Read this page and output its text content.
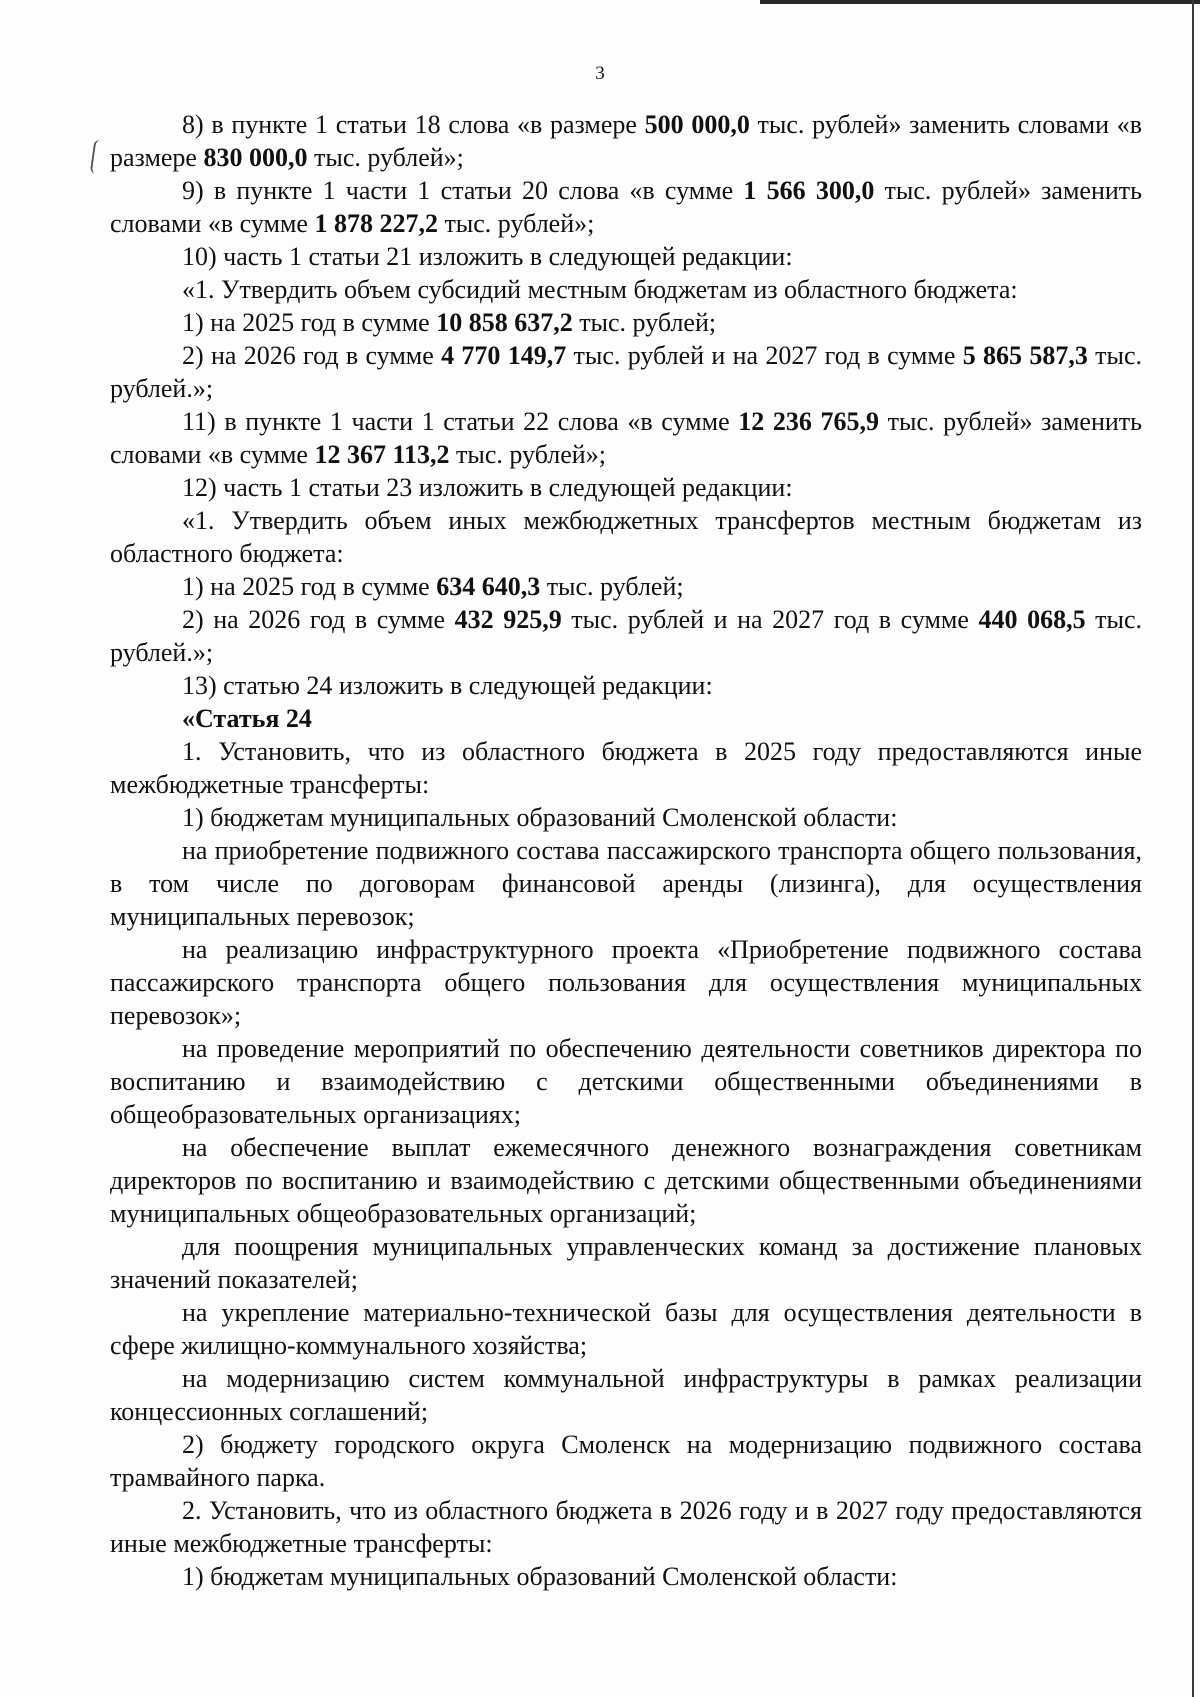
3

8) в пункте 1 статьи 18 слова «в размере 500 000,0 тыс. рублей» заменить словами «в размере 830 000,0 тыс. рублей»;

9) в пункте 1 части 1 статьи 20 слова «в сумме 1 566 300,0 тыс. рублей» заменить словами «в сумме 1 878 227,2 тыс. рублей»;

10) часть 1 статьи 21 изложить в следующей редакции:

«1. Утвердить объем субсидий местным бюджетам из областного бюджета:

1) на 2025 год в сумме 10 858 637,2 тыс. рублей;

2) на 2026 год в сумме 4 770 149,7 тыс. рублей и на 2027 год в сумме 5 865 587,3 тыс. рублей.»;

11) в пункте 1 части 1 статьи 22 слова «в сумме 12 236 765,9 тыс. рублей» заменить словами «в сумме 12 367 113,2 тыс. рублей»;

12) часть 1 статьи 23 изложить в следующей редакции:

«1. Утвердить объем иных межбюджетных трансфертов местным бюджетам из областного бюджета:

1) на 2025 год в сумме 634 640,3 тыс. рублей;

2) на 2026 год в сумме 432 925,9 тыс. рублей и на 2027 год в сумме 440 068,5 тыс. рублей.»;

13) статью 24 изложить в следующей редакции:

«Статья 24

1. Установить, что из областного бюджета в 2025 году предоставляются иные межбюджетные трансферты:

1) бюджетам муниципальных образований Смоленской области:

на приобретение подвижного состава пассажирского транспорта общего пользования, в том числе по договорам финансовой аренды (лизинга), для осуществления муниципальных перевозок;

на реализацию инфраструктурного проекта «Приобретение подвижного состава пассажирского транспорта общего пользования для осуществления муниципальных перевозок»;

на проведение мероприятий по обеспечению деятельности советников директора по воспитанию и взаимодействию с детскими общественными объединениями в общеобразовательных организациях;

на обеспечение выплат ежемесячного денежного вознаграждения советникам директоров по воспитанию и взаимодействию с детскими общественными объединениями муниципальных общеобразовательных организаций;

для поощрения муниципальных управленческих команд за достижение плановых значений показателей;

на укрепление материально-технической базы для осуществления деятельности в сфере жилищно-коммунального хозяйства;

на модернизацию систем коммунальной инфраструктуры в рамках реализации концессионных соглашений;

2) бюджету городского округа Смоленск на модернизацию подвижного состава трамвайного парка.

2. Установить, что из областного бюджета в 2026 году и в 2027 году предоставляются иные межбюджетные трансферты:

1) бюджетам муниципальных образований Смоленской области:
